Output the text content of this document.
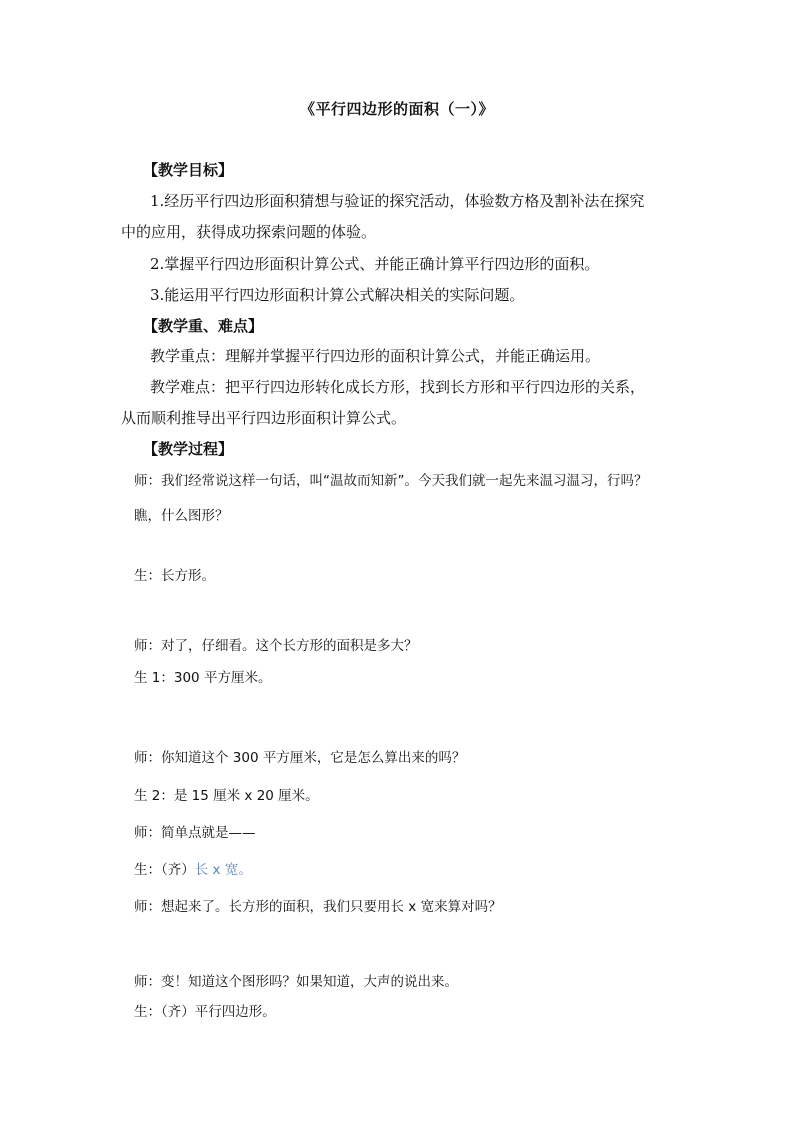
《平行四边形的面积（一）》
【教学目标】
1.经历平行四边形面积猜想与验证的探究活动，体验数方格及割补法在探究
中的应用，获得成功探索问题的体验。
2.掌握平行四边形面积计算公式、并能正确计算平行四边形的面积。
3.能运用平行四边形面积计算公式解决相关的实际问题。
【教学重、难点】
教学重点：理解并掌握平行四边形的面积计算公式，并能正确运用。
教学难点：把平行四边形转化成长方形，找到长方形和平行四边形的关系，
从而顺利推导出平行四边形面积计算公式。
【教学过程】
师：我们经常说这样一句话，叫“温故而知新”。今天我们就一起先来温习温习，行吗？
瞧，什么图形？
生：长方形。
师：对了，仔细看。这个长方形的面积是多大？
生 1：300 平方厘米。
师：你知道这个 300 平方厘米，它是怎么算出来的吗？
生 2：是 15 厘米 x 20 厘米。
师：简单点就是——
生：（齐）长 x 宽。
师：想起来了。长方形的面积，我们只要用长 x 宽来算对吗？
师：变！知道这个图形吗？如果知道，大声的说出来。
生：（齐）平行四边形。
